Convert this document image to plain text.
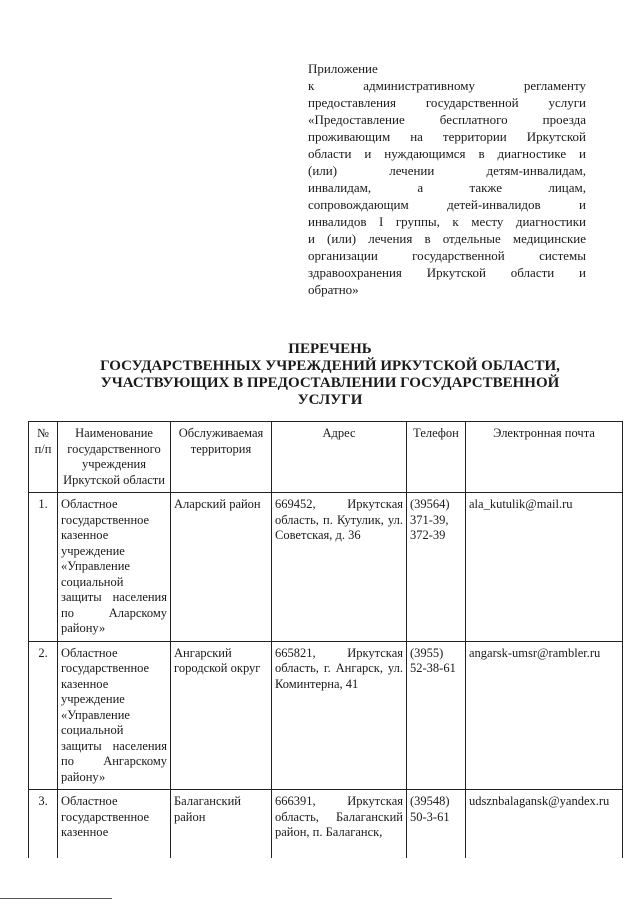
Приложение
к административному регламенту
предоставления государственной услуги
«Предоставление бесплатного проезда
проживающим на территории Иркутской
области и нуждающимся в диагностике и
(или) лечении детям-инвалидам,
инвалидам, а также лицам,
сопровождающим детей-инвалидов и
инвалидов I группы, к месту диагностики
и (или) лечения в отдельные медицинские
организации государственной системы
здравоохранения Иркутской области и
обратно»
ПЕРЕЧЕНЬ
ГОСУДАРСТВЕННЫХ УЧРЕЖДЕНИЙ ИРКУТСКОЙ ОБЛАСТИ,
УЧАСТВУЮЩИХ В ПРЕДОСТАВЛЕНИИ ГОСУДАРСТВЕННОЙ
УСЛУГИ
№ п/п	Наименование государственного учреждения Иркутской области	Обслуживаемая территория	Адрес	Телефон	Электронная почта
1.	Областное государственное казенное учреждение «Управление социальной защиты населения по Аларскому району»	Аларский район	669452, Иркутская область, п. Кутулик, ул. Советская, д. 36	(39564) 371-39, 372-39	ala_kutulik@mail.ru
2.	Областное государственное казенное учреждение «Управление социальной защиты населения по Ангарскому району»	Ангарский городской округ	665821, Иркутская область, г. Ангарск, ул. Коминтерна, 41	(3955) 52-38-61	angarsk-umsr@rambler.ru
3.	Областное государственное казенное	Балаганский район	666391, Иркутская область, Балаганский район, п. Балаганск,	(39548) 50-3-61	udsznbalagansk@yandex.ru
